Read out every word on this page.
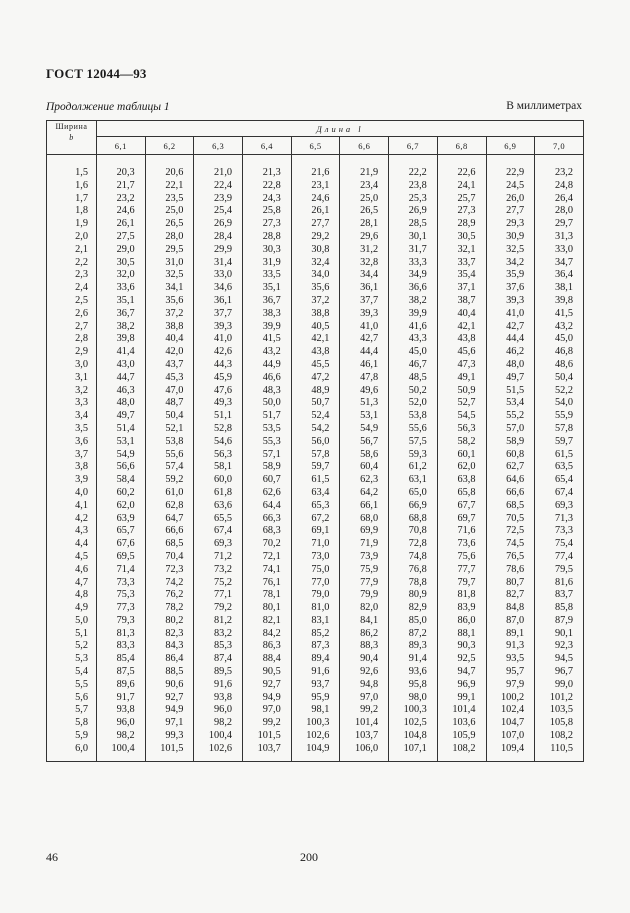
ГОСТ 12044—93
Продолжение таблицы 1	В миллиметрах
Ширина
b	Длина l									
	6,1	6,2	6,3	6,4	6,5	6,6	6,7	6,8	6,9	7,0
1,5	20,3	20,6	21,0	21,3	21,6	21,9	22,2	22,6	22,9	23,2
1,6	21,7	22,1	22,4	22,8	23,1	23,4	23,8	24,1	24,5	24,8
1,7	23,2	23,5	23,9	24,3	24,6	25,0	25,3	25,7	26,0	26,4
1,8	24,6	25,0	25,4	25,8	26,1	26,5	26,9	27,3	27,7	28,0
1,9	26,1	26,5	26,9	27,3	27,7	28,1	28,5	28,9	29,3	29,7
2,0	27,5	28,0	28,4	28,8	29,2	29,6	30,1	30,5	30,9	31,3
2,1	29,0	29,5	29,9	30,3	30,8	31,2	31,7	32,1	32,5	33,0
2,2	30,5	31,0	31,4	31,9	32,4	32,8	33,3	33,7	34,2	34,7
2,3	32,0	32,5	33,0	33,5	34,0	34,4	34,9	35,4	35,9	36,4
2,4	33,6	34,1	34,6	35,1	35,6	36,1	36,6	37,1	37,6	38,1
2,5	35,1	35,6	36,1	36,7	37,2	37,7	38,2	38,7	39,3	39,8
2,6	36,7	37,2	37,7	38,3	38,8	39,3	39,9	40,4	41,0	41,5
2,7	38,2	38,8	39,3	39,9	40,5	41,0	41,6	42,1	42,7	43,2
2,8	39,8	40,4	41,0	41,5	42,1	42,7	43,3	43,8	44,4	45,0
2,9	41,4	42,0	42,6	43,2	43,8	44,4	45,0	45,6	46,2	46,8
3,0	43,0	43,7	44,3	44,9	45,5	46,1	46,7	47,3	48,0	48,6
3,1	44,7	45,3	45,9	46,6	47,2	47,8	48,5	49,1	49,7	50,4
3,2	46,3	47,0	47,6	48,3	48,9	49,6	50,2	50,9	51,5	52,2
3,3	48,0	48,7	49,3	50,0	50,7	51,3	52,0	52,7	53,4	54,0
3,4	49,7	50,4	51,1	51,7	52,4	53,1	53,8	54,5	55,2	55,9
3,5	51,4	52,1	52,8	53,5	54,2	54,9	55,6	56,3	57,0	57,8
3,6	53,1	53,8	54,6	55,3	56,0	56,7	57,5	58,2	58,9	59,7
3,7	54,9	55,6	56,3	57,1	57,8	58,6	59,3	60,1	60,8	61,5
3,8	56,6	57,4	58,1	58,9	59,7	60,4	61,2	62,0	62,7	63,5
3,9	58,4	59,2	60,0	60,7	61,5	62,3	63,1	63,8	64,6	65,4
4,0	60,2	61,0	61,8	62,6	63,4	64,2	65,0	65,8	66,6	67,4
4,1	62,0	62,8	63,6	64,4	65,3	66,1	66,9	67,7	68,5	69,3
4,2	63,9	64,7	65,5	66,3	67,2	68,0	68,8	69,7	70,5	71,3
4,3	65,7	66,6	67,4	68,3	69,1	69,9	70,8	71,6	72,5	73,3
4,4	67,6	68,5	69,3	70,2	71,0	71,9	72,8	73,6	74,5	75,4
4,5	69,5	70,4	71,2	72,1	73,0	73,9	74,8	75,6	76,5	77,4
4,6	71,4	72,3	73,2	74,1	75,0	75,9	76,8	77,7	78,6	79,5
4,7	73,3	74,2	75,2	76,1	77,0	77,9	78,8	79,7	80,7	81,6
4,8	75,3	76,2	77,1	78,1	79,0	79,9	80,9	81,8	82,7	83,7
4,9	77,3	78,2	79,2	80,1	81,0	82,0	82,9	83,9	84,8	85,8
5,0	79,3	80,2	81,2	82,1	83,1	84,1	85,0	86,0	87,0	87,9
5,1	81,3	82,3	83,2	84,2	85,2	86,2	87,2	88,1	89,1	90,1
5,2	83,3	84,3	85,3	86,3	87,3	88,3	89,3	90,3	91,3	92,3
5,3	85,4	86,4	87,4	88,4	89,4	90,4	91,4	92,5	93,5	94,5
5,4	87,5	88,5	89,5	90,5	91,6	92,6	93,6	94,7	95,7	96,7
5,5	89,6	90,6	91,6	92,7	93,7	94,8	95,8	96,9	97,9	99,0
5,6	91,7	92,7	93,8	94,9	95,9	97,0	98,0	99,1	100,2	101,2
5,7	93,8	94,9	96,0	97,0	98,1	99,2	100,3	101,4	102,4	103,5
5,8	96,0	97,1	98,2	99,2	100,3	101,4	102,5	103,6	104,7	105,8
5,9	98,2	99,3	100,4	101,5	102,6	103,7	104,8	105,9	107,0	108,2
6,0	100,4	101,5	102,6	103,7	104,9	106,0	107,1	108,2	109,4	110,5
46	200
